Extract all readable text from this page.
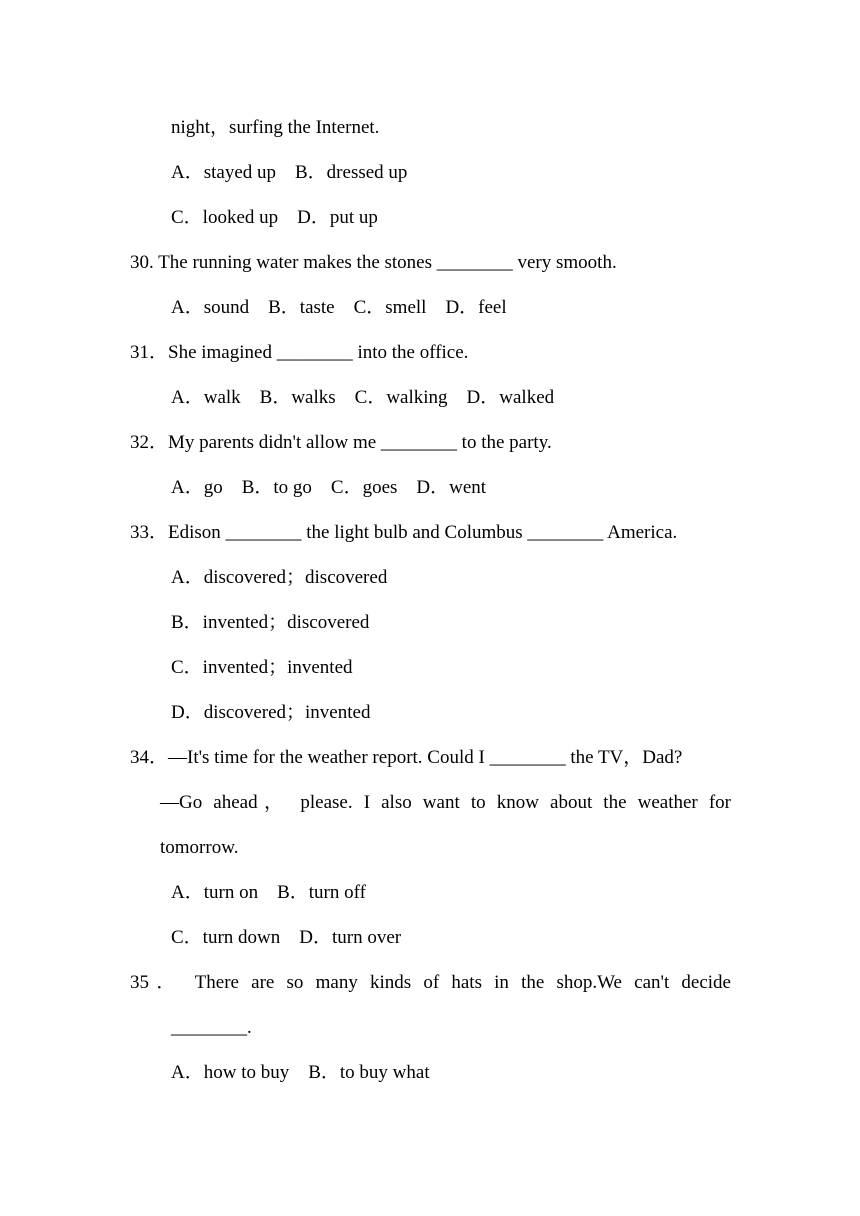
night，surfing the Internet.
A．stayed up    B．dressed up
C．looked up    D．put up
30. The running water makes the stones ________ very smooth.
A．sound    B．taste    C．smell    D．feel
31．She imagined ________ into the office.
A．walk    B．walks    C．walking    D．walked
32．My parents didn't allow me ________ to the party.
A．go    B．to go    C．goes    D．went
33．Edison ________ the light bulb and Columbus ________ America.
A．discovered；discovered
B．invented；discovered
C．invented；invented
D．discovered；invented
34．—It's time for the weather report. Could I ________ the TV，Dad?
—Go ahead， please. I also want to know about the weather for
tomorrow.
A．turn on    B．turn off
C．turn down    D．turn over
35． There are so many kinds of hats in the shop.We can't decide
________.
A．how to buy    B．to buy what
